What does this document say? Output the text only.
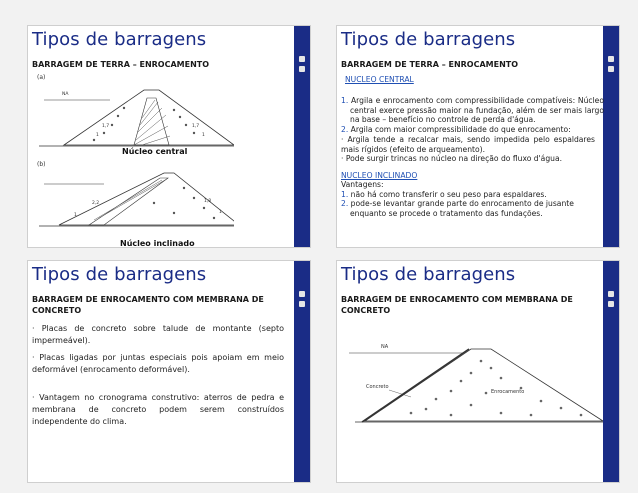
Tipos de barragens
BARRAGEM DE TERRA – ENROCAMENTO
(a)
NA
1,7	1,7
1	1
Núcleo central
(b)
2,2	1,8
1
1
Núcleo inclinado
Tipos de barragens
BARRAGEM DE TERRA – ENROCAMENTO
NUCLEO CENTRAL
1. Argila e enrocamento com compressibilidade compatíveis: Núcleo central exerce pressão maior na fundação, além de ser mais largo na base – benefício no controle de perda d'água.
2. Argila com maior compressibilidade do que enrocamento:
· Argila tende a recalcar mais, sendo impedida pelo espaldares mais rígidos (efeito de arqueamento).
· Pode surgir trincas no núcleo na direção do fluxo d'água.
NUCLEO INCLINADO
Vantagens:
1. não há como transferir o seu peso para espaldares.
2. pode-se levantar grande parte do enrocamento de jusante enquanto se procede o tratamento das fundações.
Tipos de barragens
BARRAGEM DE ENROCAMENTO COM MEMBRANA DE CONCRETO
· Placas de concreto sobre talude de montante (septo impermeável).
· Placas ligadas por juntas especiais pois apoiam em meio deformável (enrocamento deformável).
· Vantagem no cronograma construtivo: aterros de pedra e membrana de concreto podem serem construídos independente do clima.
Tipos de barragens
BARRAGEM DE ENROCAMENTO COM MEMBRANA DE CONCRETO
NA
Concreto
Enrocamento
